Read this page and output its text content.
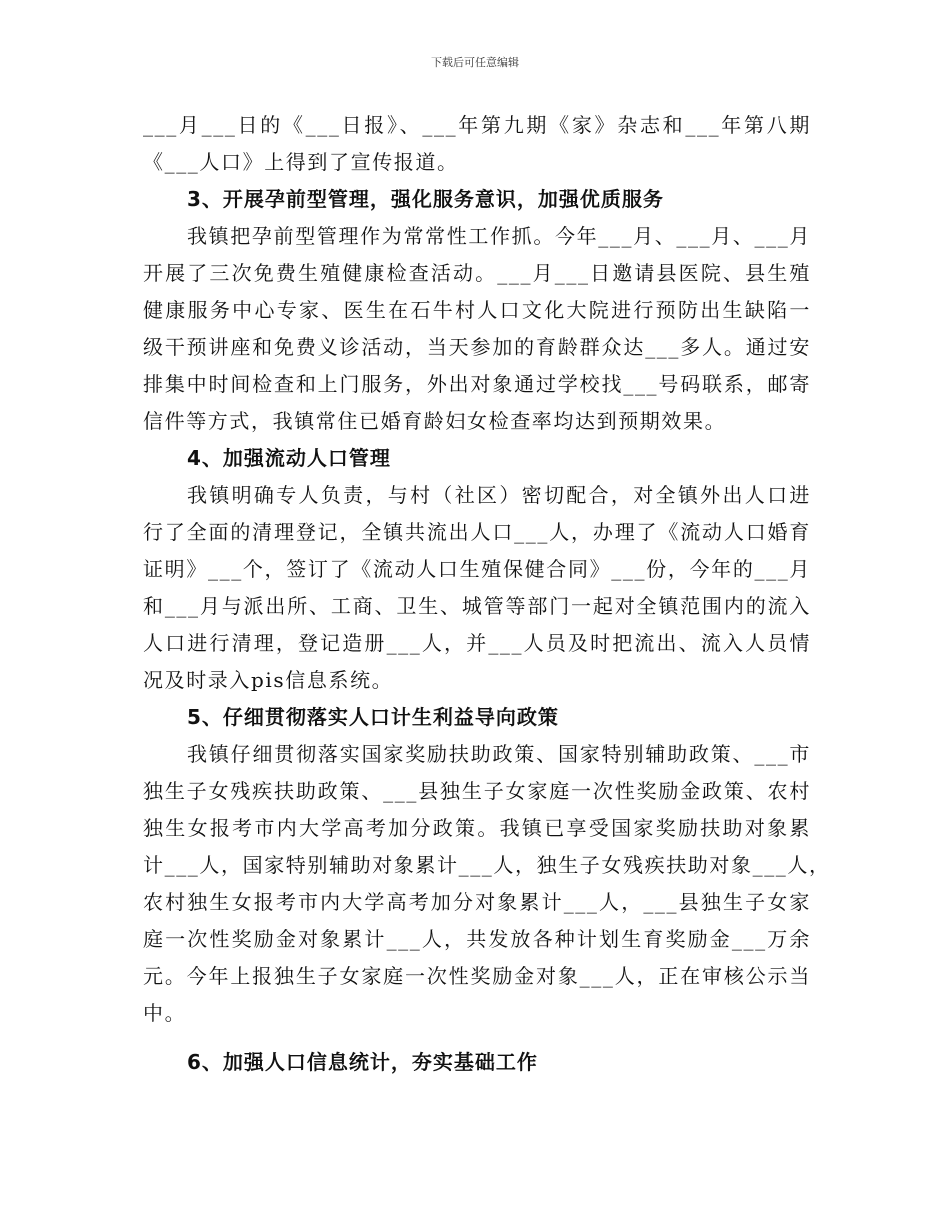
下载后可任意编辑
___月___日的《___日报》、___年第九期《家》杂志和___年第八期
《___人口》上得到了宣传报道。
3、开展孕前型管理，强化服务意识，加强优质服务
我镇把孕前型管理作为常常性工作抓。今年___月、___月、___月
开展了三次免费生殖健康检查活动。___月___日邀请县医院、县生殖
健康服务中心专家、医生在石牛村人口文化大院进行预防出生缺陷一
级干预讲座和免费义诊活动，当天参加的育龄群众达___多人。通过安
排集中时间检查和上门服务，外出对象通过学校找___号码联系，邮寄
信件等方式，我镇常住已婚育龄妇女检查率均达到预期效果。
4、加强流动人口管理
我镇明确专人负责，与村（社区）密切配合，对全镇外出人口进
行了全面的清理登记，全镇共流出人口___人，办理了《流动人口婚育
证明》___个，签订了《流动人口生殖保健合同》___份，今年的___月
和___月与派出所、工商、卫生、城管等部门一起对全镇范围内的流入
人口进行清理，登记造册___人，并___人员及时把流出、流入人员情
况及时录入pis信息系统。
5、仔细贯彻落实人口计生利益导向政策
我镇仔细贯彻落实国家奖励扶助政策、国家特别辅助政策、___市
独生子女残疾扶助政策、___县独生子女家庭一次性奖励金政策、农村
独生女报考市内大学高考加分政策。我镇已享受国家奖励扶助对象累
计___人，国家特别辅助对象累计___人，独生子女残疾扶助对象___人，
农村独生女报考市内大学高考加分对象累计___人，___县独生子女家
庭一次性奖励金对象累计___人，共发放各种计划生育奖励金___万余
元。今年上报独生子女家庭一次性奖励金对象___人，正在审核公示当
中。
6、加强人口信息统计，夯实基础工作
